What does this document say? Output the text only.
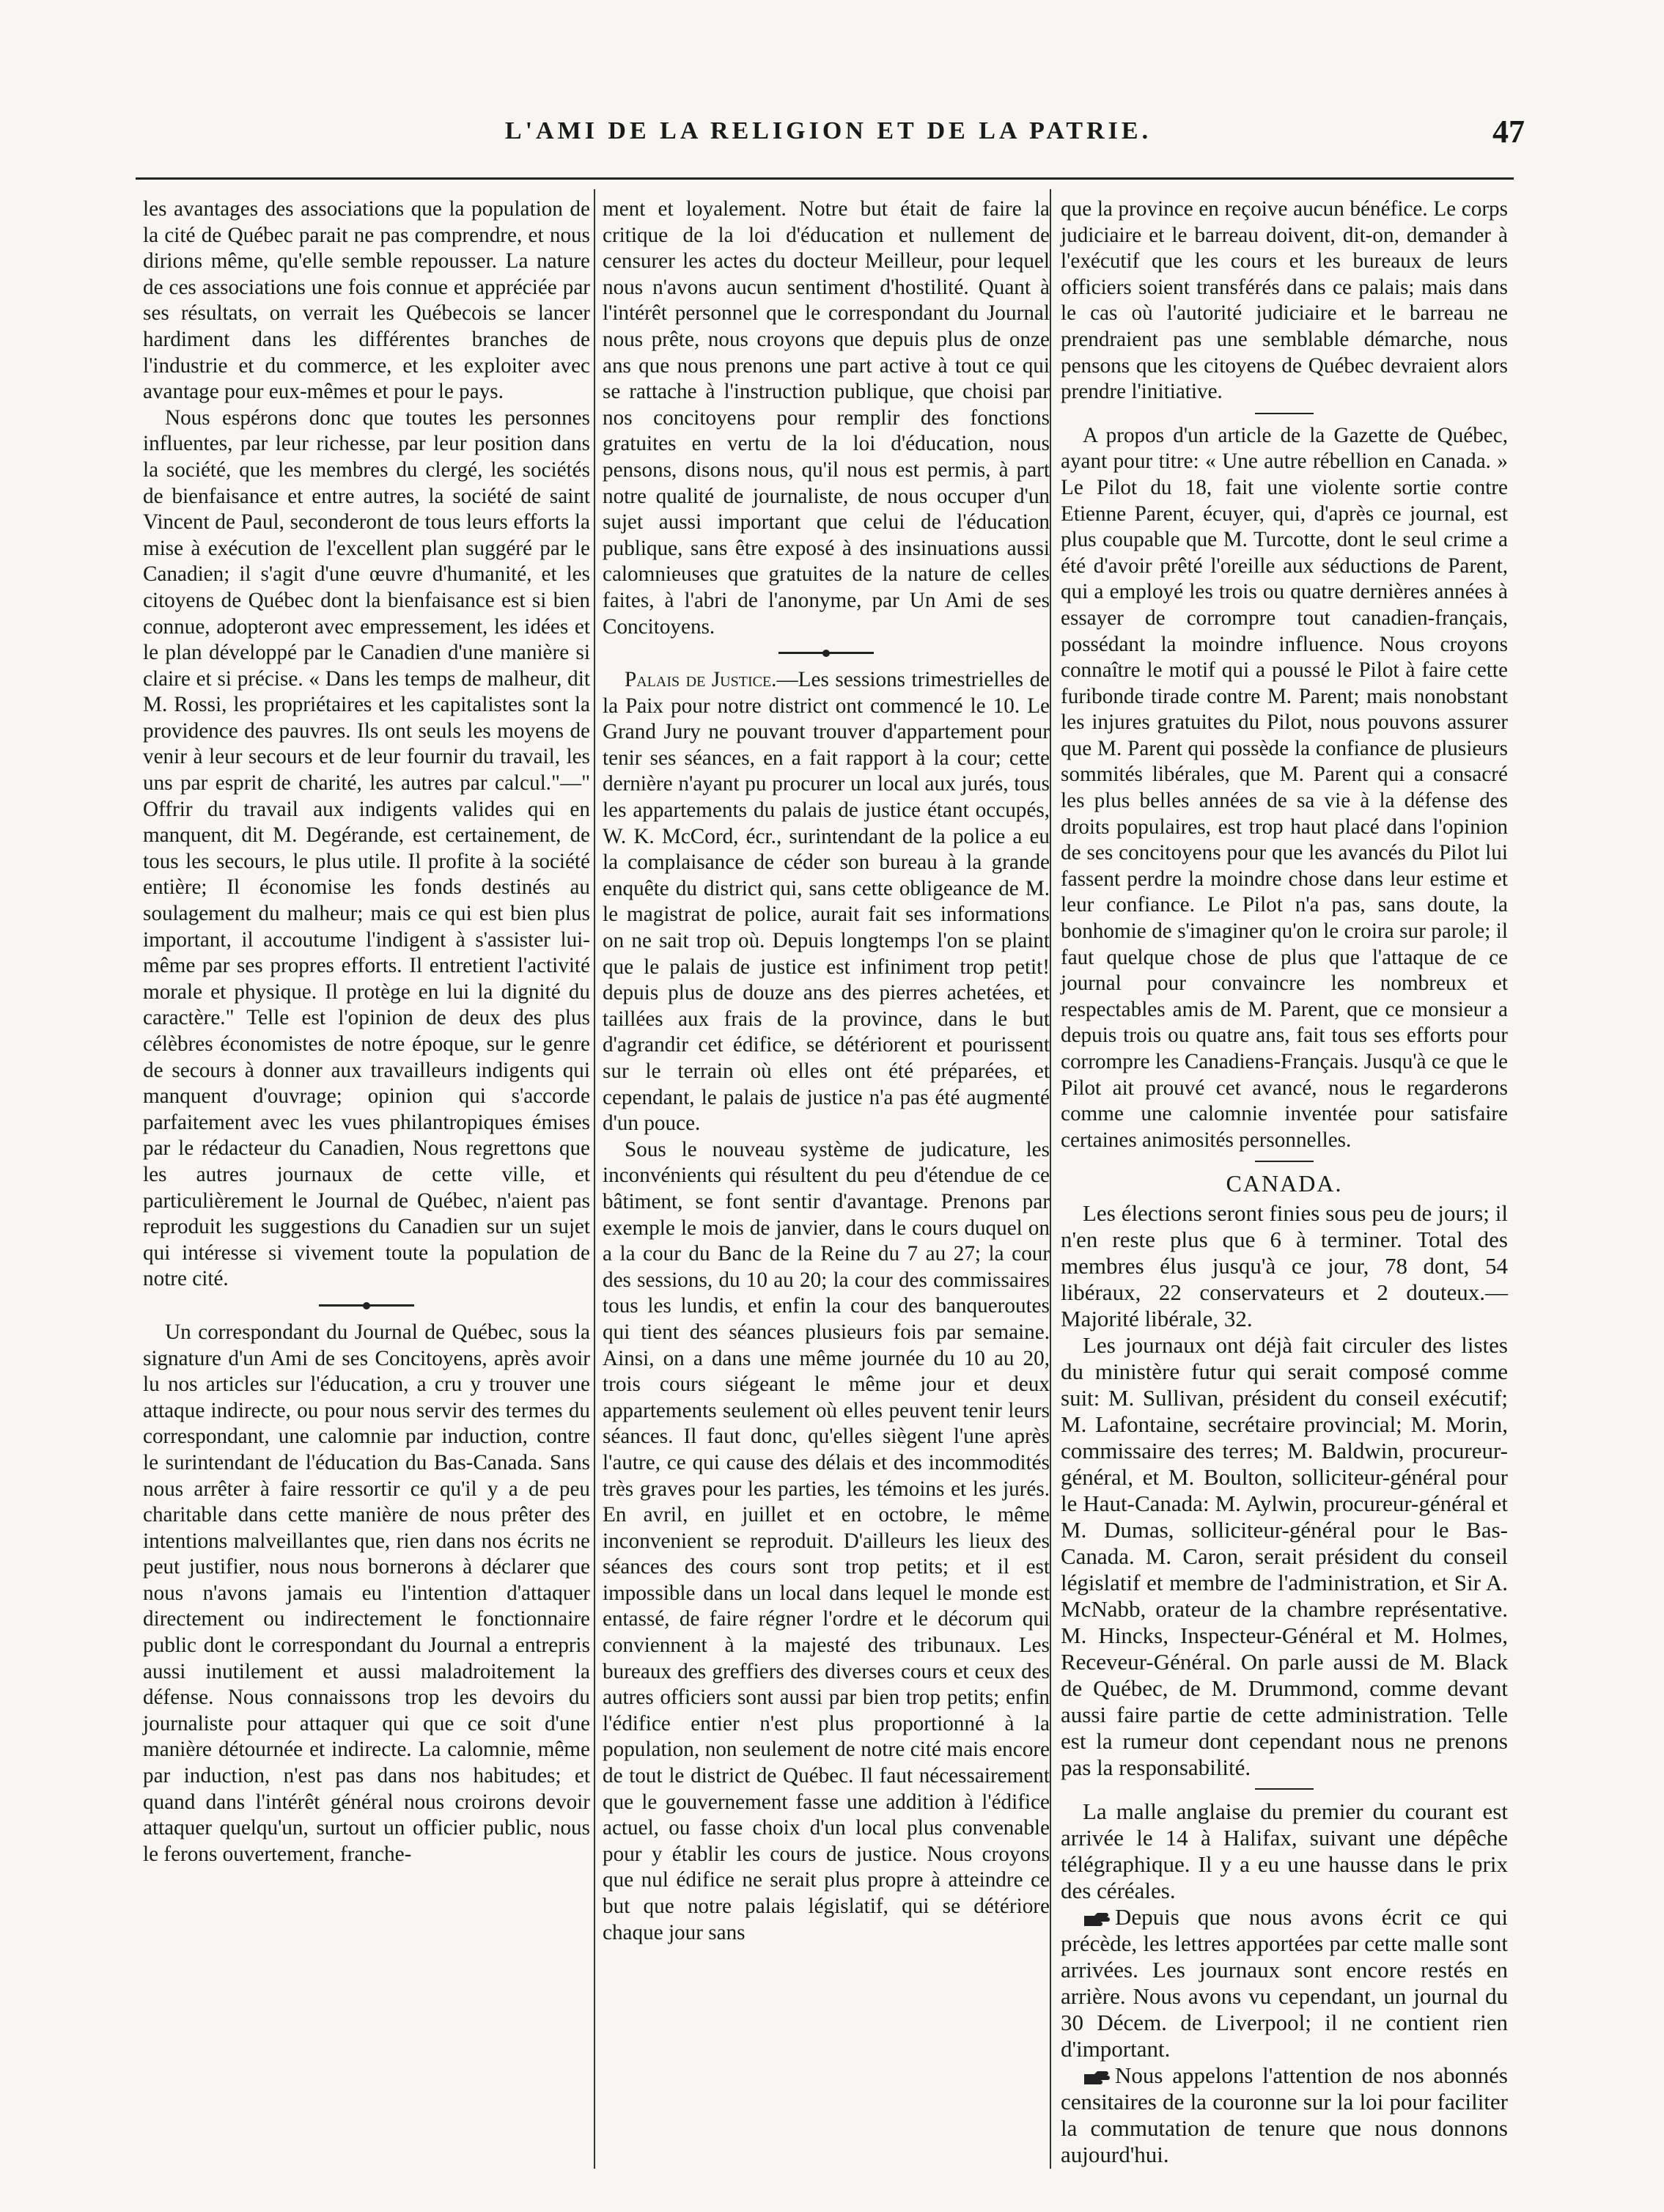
L'AMI DE LA RELIGION ET DE LA PATRIE.	47

les avantages des associations que la population de la cité de Québec parait ne pas comprendre, et nous dirions même, qu'elle semble repousser. La nature de ces associations une fois connue et appréciée par ses résultats, on verrait les Québecois se lancer hardiment dans les différentes branches de l'industrie et du commerce, et les exploiter avec avantage pour eux-mêmes et pour le pays.

Nous espérons donc que toutes les personnes influentes, par leur richesse, par leur position dans la société, que les membres du clergé, les sociétés de bienfaisance et entre autres, la société de saint Vincent de Paul, seconderont de tous leurs efforts la mise à exécution de l'excellent plan suggéré par le Canadien; il s'agit d'une œuvre d'humanité, et les citoyens de Québec dont la bienfaisance est si bien connue, adopteront avec empressement, les idées et le plan développé par le Canadien d'une manière si claire et si précise. « Dans les temps de malheur, dit M. Rossi, les propriétaires et les capitalistes sont la providence des pauvres. Ils ont seuls les moyens de venir à leur secours et de leur fournir du travail, les uns par esprit de charité, les autres par calcul."—" Offrir du travail aux indigents valides qui en manquent, dit M. Degérande, est certainement, de tous les secours, le plus utile. Il profite à la société entière; Il économise les fonds destinés au soulagement du malheur; mais ce qui est bien plus important, il accoutume l'indigent à s'assister lui-même par ses propres efforts. Il entretient l'activité morale et physique. Il protège en lui la dignité du caractère." Telle est l'opinion de deux des plus célèbres économistes de notre époque, sur le genre de secours à donner aux travailleurs indigents qui manquent d'ouvrage; opinion qui s'accorde parfaitement avec les vues philantropiques émises par le rédacteur du Canadien, Nous regrettons que les autres journaux de cette ville, et particulièrement le Journal de Québec, n'aient pas reproduit les suggestions du Canadien sur un sujet qui intéresse si vivement toute la population de notre cité.

Un correspondant du Journal de Québec, sous la signature d'un Ami de ses Concitoyens, après avoir lu nos articles sur l'éducation, a cru y trouver une attaque indirecte, ou pour nous servir des termes du correspondant, une calomnie par induction, contre le surintendant de l'éducation du Bas-Canada. Sans nous arrêter à faire ressortir ce qu'il y a de peu charitable dans cette manière de nous prêter des intentions malveillantes que, rien dans nos écrits ne peut justifier, nous nous bornerons à déclarer que nous n'avons jamais eu l'intention d'attaquer directement ou indirectement le fonctionnaire public dont le correspondant du Journal a entrepris aussi inutilement et aussi maladroitement la défense. Nous connaissons trop les devoirs du journaliste pour attaquer qui que ce soit d'une manière détournée et indirecte. La calomnie, même par induction, n'est pas dans nos habitudes; et quand dans l'intérêt général nous croirons devoir attaquer quelqu'un, surtout un officier public, nous le ferons ouvertement, franche-

ment et loyalement. Notre but était de faire la critique de la loi d'éducation et nullement de censurer les actes du docteur Meilleur, pour lequel nous n'avons aucun sentiment d'hostilité. Quant à l'intérêt personnel que le correspondant du Journal nous prête, nous croyons que depuis plus de onze ans que nous prenons une part active à tout ce qui se rattache à l'instruction publique, que choisi par nos concitoyens pour remplir des fonctions gratuites en vertu de la loi d'éducation, nous pensons, disons nous, qu'il nous est permis, à part notre qualité de journaliste, de nous occuper d'un sujet aussi important que celui de l'éducation publique, sans être exposé à des insinuations aussi calomnieuses que gratuites de la nature de celles faites, à l'abri de l'anonyme, par Un Ami de ses Concitoyens.

Palais de Justice.—Les sessions trimestrielles de la Paix pour notre district ont commencé le 10. Le Grand Jury ne pouvant trouver d'appartement pour tenir ses séances, en a fait rapport à la cour; cette dernière n'ayant pu procurer un local aux jurés, tous les appartements du palais de justice étant occupés, W. K. McCord, écr., surintendant de la police a eu la complaisance de céder son bureau à la grande enquête du district qui, sans cette obligeance de M. le magistrat de police, aurait fait ses informations on ne sait trop où. Depuis longtemps l'on se plaint que le palais de justice est infiniment trop petit! depuis plus de douze ans des pierres achetées, et taillées aux frais de la province, dans le but d'agrandir cet édifice, se détériorent et pourissent sur le terrain où elles ont été préparées, et cependant, le palais de justice n'a pas été augmenté d'un pouce.

Sous le nouveau système de judicature, les inconvénients qui résultent du peu d'étendue de ce bâtiment, se font sentir d'avantage. Prenons par exemple le mois de janvier, dans le cours duquel on a la cour du Banc de la Reine du 7 au 27; la cour des sessions, du 10 au 20; la cour des commissaires tous les lundis, et enfin la cour des banqueroutes qui tient des séances plusieurs fois par semaine. Ainsi, on a dans une même journée du 10 au 20, trois cours siégeant le même jour et deux appartements seulement où elles peuvent tenir leurs séances. Il faut donc, qu'elles siègent l'une après l'autre, ce qui cause des délais et des incommodités très graves pour les parties, les témoins et les jurés. En avril, en juillet et en octobre, le même inconvenient se reproduit. D'ailleurs les lieux des séances des cours sont trop petits; et il est impossible dans un local dans lequel le monde est entassé, de faire régner l'ordre et le décorum qui conviennent à la majesté des tribunaux. Les bureaux des greffiers des diverses cours et ceux des autres officiers sont aussi par bien trop petits; enfin l'édifice entier n'est plus proportionné à la population, non seulement de notre cité mais encore de tout le district de Québec. Il faut nécessairement que le gouvernement fasse une addition à l'édifice actuel, ou fasse choix d'un local plus convenable pour y établir les cours de justice. Nous croyons que nul édifice ne serait plus propre à atteindre ce but que notre palais législatif, qui se détériore chaque jour sans

que la province en reçoive aucun bénéfice. Le corps judiciaire et le barreau doivent, dit-on, demander à l'exécutif que les cours et les bureaux de leurs officiers soient transférés dans ce palais; mais dans le cas où l'autorité judiciaire et le barreau ne prendraient pas une semblable démarche, nous pensons que les citoyens de Québec devraient alors prendre l'initiative.

A propos d'un article de la Gazette de Québec, ayant pour titre: « Une autre rébellion en Canada. » Le Pilot du 18, fait une violente sortie contre Etienne Parent, écuyer, qui, d'après ce journal, est plus coupable que M. Turcotte, dont le seul crime a été d'avoir prêté l'oreille aux séductions de Parent, qui a employé les trois ou quatre dernières années à essayer de corrompre tout canadien-français, possédant la moindre influence. Nous croyons connaître le motif qui a poussé le Pilot à faire cette furibonde tirade contre M. Parent; mais nonobstant les injures gratuites du Pilot, nous pouvons assurer que M. Parent qui possède la confiance de plusieurs sommités libérales, que M. Parent qui a consacré les plus belles années de sa vie à la défense des droits populaires, est trop haut placé dans l'opinion de ses concitoyens pour que les avancés du Pilot lui fassent perdre la moindre chose dans leur estime et leur confiance. Le Pilot n'a pas, sans doute, la bonhomie de s'imaginer qu'on le croira sur parole; il faut quelque chose de plus que l'attaque de ce journal pour convaincre les nombreux et respectables amis de M. Parent, que ce monsieur a depuis trois ou quatre ans, fait tous ses efforts pour corrompre les Canadiens-Français. Jusqu'à ce que le Pilot ait prouvé cet avancé, nous le regarderons comme une calomnie inventée pour satisfaire certaines animosités personnelles.

CANADA.

Les élections seront finies sous peu de jours; il n'en reste plus que 6 à terminer. Total des membres élus jusqu'à ce jour, 78 dont, 54 libéraux, 22 conservateurs et 2 douteux.—Majorité libérale, 32.

Les journaux ont déjà fait circuler des listes du ministère futur qui serait composé comme suit: M. Sullivan, président du conseil exécutif; M. Lafontaine, secrétaire provincial; M. Morin, commissaire des terres; M. Baldwin, procureur-général, et M. Boulton, solliciteur-général pour le Haut-Canada: M. Aylwin, procureur-général et M. Dumas, solliciteur-général pour le Bas-Canada. M. Caron, serait président du conseil législatif et membre de l'administration, et Sir A. McNabb, orateur de la chambre représentative. M. Hincks, Inspecteur-Général et M. Holmes, Receveur-Général. On parle aussi de M. Black de Québec, de M. Drummond, comme devant aussi faire partie de cette administration. Telle est la rumeur dont cependant nous ne prenons pas la responsabilité.

La malle anglaise du premier du courant est arrivée le 14 à Halifax, suivant une dépêche télégraphique. Il y a eu une hausse dans le prix des céréales.

Depuis que nous avons écrit ce qui précède, les lettres apportées par cette malle sont arrivées. Les journaux sont encore restés en arrière. Nous avons vu cependant, un journal du 30 Décem. de Liverpool; il ne contient rien d'important.

Nous appelons l'attention de nos abonnés censitaires de la couronne sur la loi pour faciliter la commutation de tenure que nous donnons aujourd'hui.
